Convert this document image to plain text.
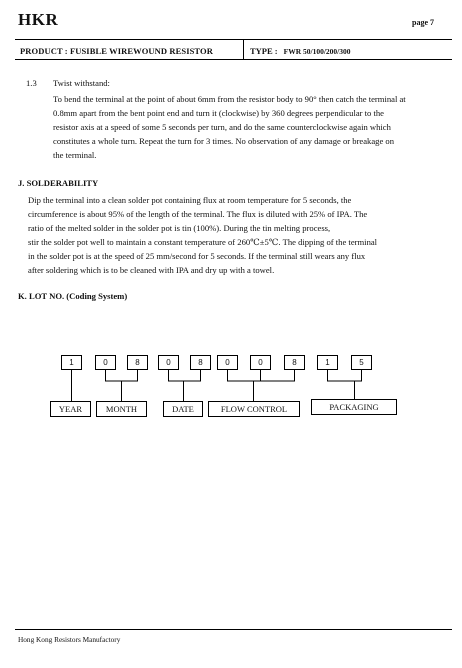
HKR	page 7
PRODUCT : FUSIBLE WIREWOUND RESISTOR	TYPE : FWR 50/100/200/300
1.3 Twist withstand:
To bend the terminal at the point of about 6mm from the resistor body to 90° then catch the terminal at
0.8mm apart from the bent point end and turn it (clockwise) by 360 degrees perpendicular to the
resistor axis at a speed of some 5 seconds per turn, and do the same counterclockwise again which
constitutes a whole turn. Repeat the turn for 3 times. No observation of any damage or breakage on
the terminal.
J. SOLDERABILITY
Dip the terminal into a clean solder pot containing flux at room temperature for 5 seconds, the
circumference is about 95% of the length of the terminal. The flux is diluted with 25% of IPA. The
ratio of the melted solder in the solder pot is tin (100%). During the tin melting process,
stir the solder pot well to maintain a constant temperature of 260℃±5℃. The dipping of the terminal
in the solder pot is at the speed of 25 mm/second for 5 seconds. If the terminal still wears any flux
after soldering which is to be cleaned with IPA and dry up with a towel.
K. LOT NO. (Coding System)
1	0	8	0	8	0	0	8	1	5
YEAR	MONTH	DATE	FLOW CONTROL	PACKAGING
Hong Kong Resistors Manufactory
